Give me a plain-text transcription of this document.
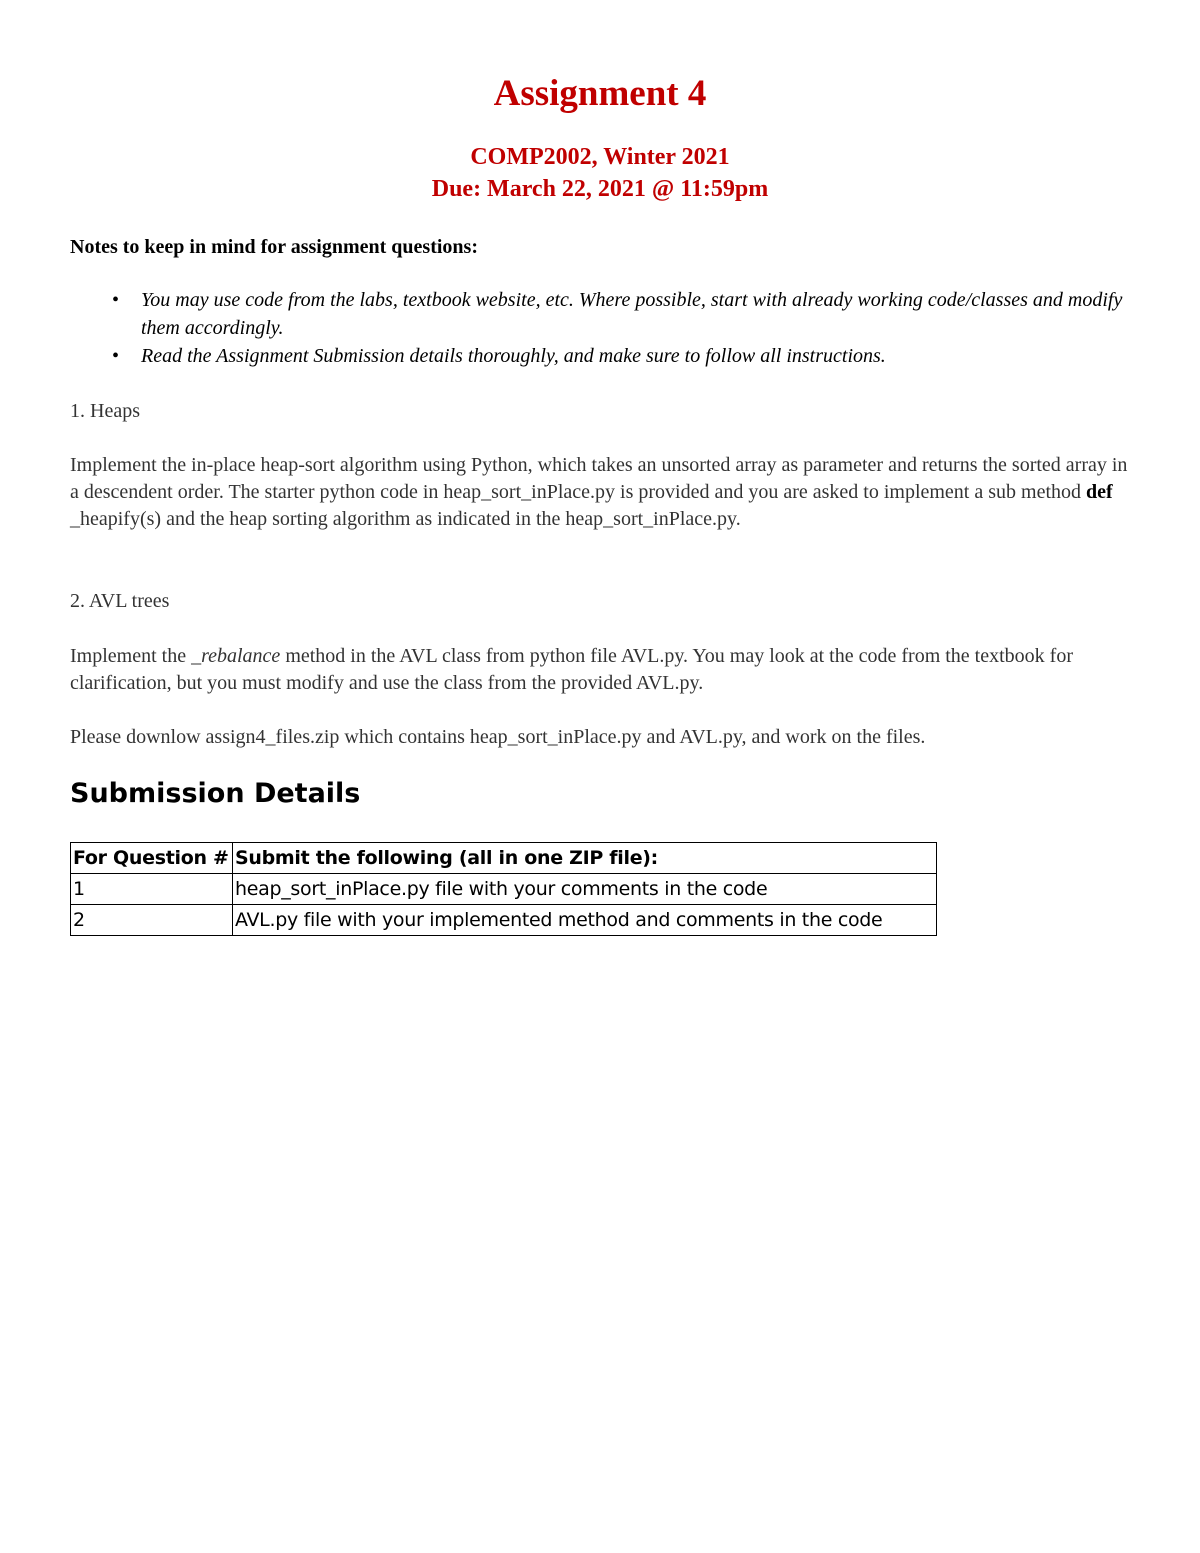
Assignment 4
COMP2002, Winter 2021
Due: March 22, 2021 @ 11:59pm
Notes to keep in mind for assignment questions:
• You may use code from the labs, textbook website, etc. Where possible, start with already working code/classes and modify them accordingly.
• Read the Assignment Submission details thoroughly, and make sure to follow all instructions.
1. Heaps
Implement the in-place heap-sort algorithm using Python, which takes an unsorted array as parameter and returns the sorted array in a descendent order. The starter python code in heap_sort_inPlace.py is provided and you are asked to implement a sub method def _heapify(s) and the heap sorting algorithm as indicated in the heap_sort_inPlace.py.
2. AVL trees
Implement the _rebalance method in the AVL class from python file AVL.py. You may look at the code from the textbook for clarification, but you must modify and use the class from the provided AVL.py.
Please downlow assign4_files.zip which contains heap_sort_inPlace.py and AVL.py, and work on the files.
Submission Details
For Question #	Submit the following (all in one ZIP file):
1	heap_sort_inPlace.py file with your comments in the code
2	AVL.py file with your implemented method and comments in the code
